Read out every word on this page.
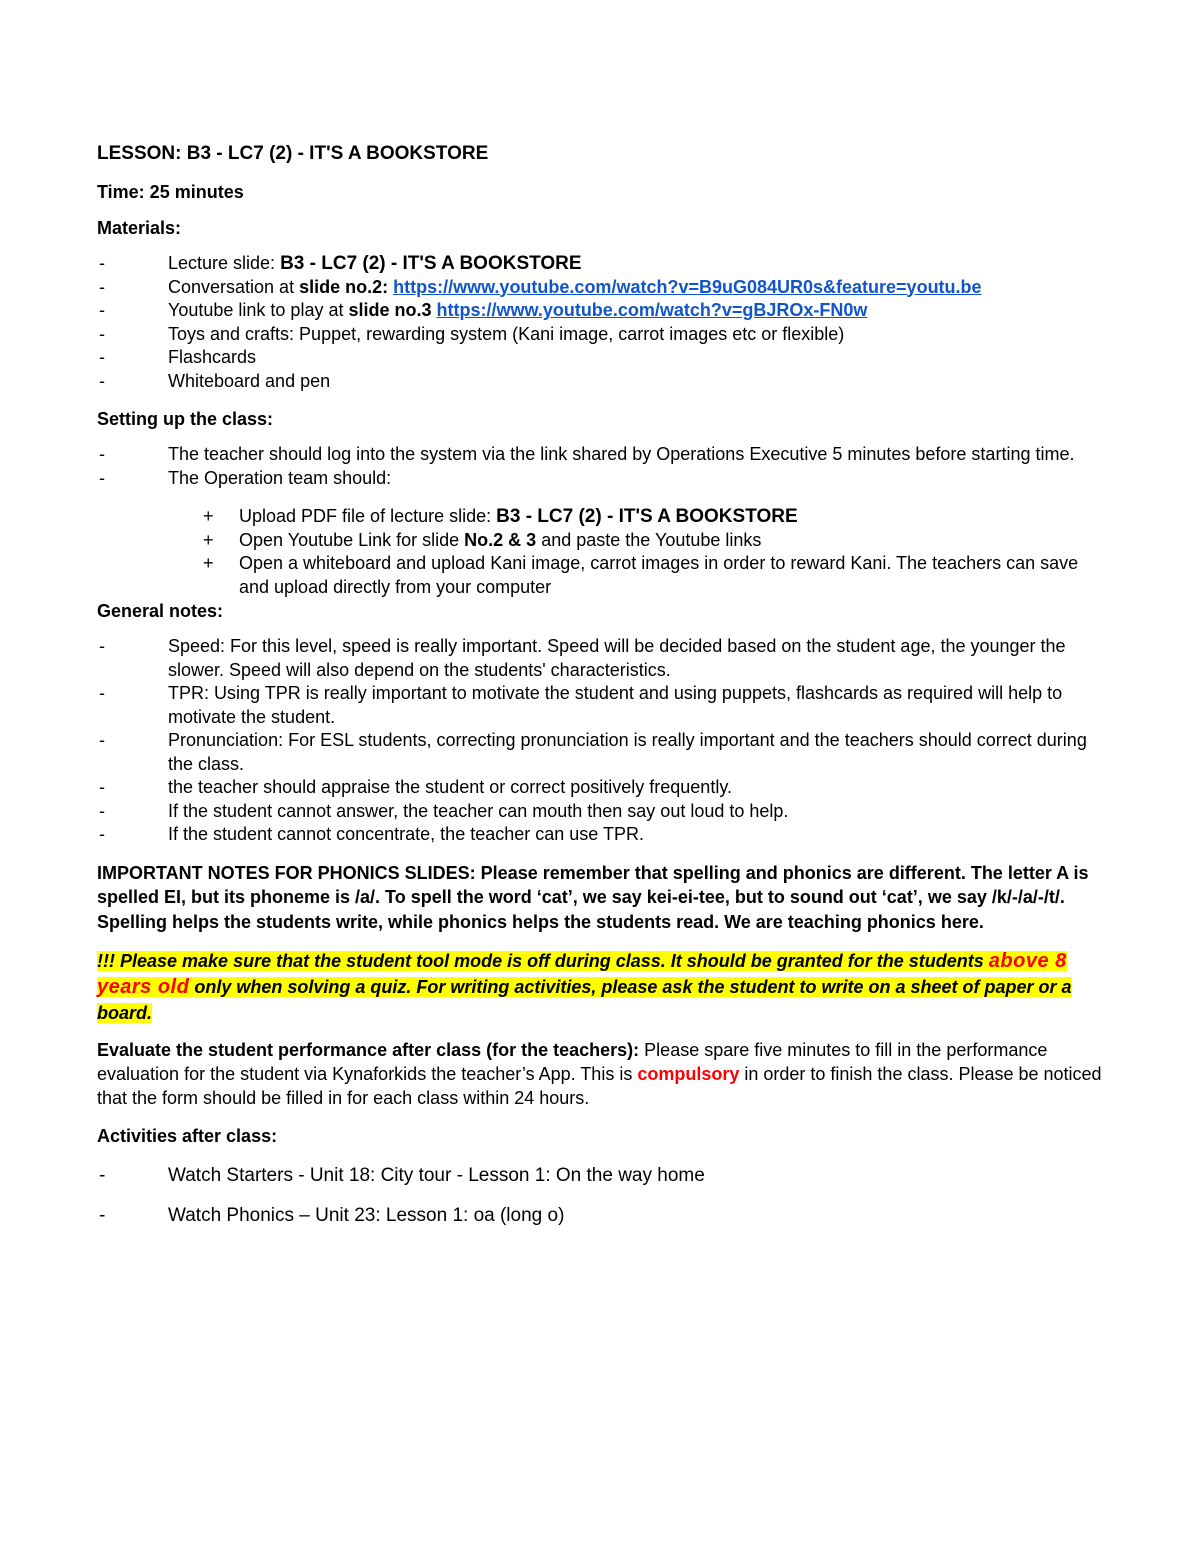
LESSON: B3 - LC7 (2) - IT'S A BOOKSTORE

Time: 25 minutes

Materials:

- Lecture slide: B3 - LC7 (2) - IT'S A BOOKSTORE
- Conversation at slide no.2: https://www.youtube.com/watch?v=B9uG084UR0s&feature=youtu.be
- Youtube link to play at slide no.3 https://www.youtube.com/watch?v=gBJROx-FN0w
- Toys and crafts: Puppet, rewarding system (Kani image, carrot images etc or flexible)
- Flashcards
- Whiteboard and pen

Setting up the class:

- The teacher should log into the system via the link shared by Operations Executive 5 minutes before starting time.
- The Operation team should:
+ Upload PDF file of lecture slide: B3 - LC7 (2) - IT'S A BOOKSTORE
+ Open Youtube Link for slide No.2 & 3 and paste the Youtube links
+ Open a whiteboard and upload Kani image, carrot images in order to reward Kani. The teachers can save and upload directly from your computer

General notes:

- Speed: For this level, speed is really important. Speed will be decided based on the student age, the younger the slower. Speed will also depend on the students' characteristics.
- TPR: Using TPR is really important to motivate the student and using puppets, flashcards as required will help to motivate the student.
- Pronunciation: For ESL students, correcting pronunciation is really important and the teachers should correct during the class.
- the teacher should appraise the student or correct positively frequently.
- If the student cannot answer, the teacher can mouth then say out loud to help.
- If the student cannot concentrate, the teacher can use TPR.

IMPORTANT NOTES FOR PHONICS SLIDES: Please remember that spelling and phonics are different. The letter A is spelled EI, but its phoneme is /a/. To spell the word ‘cat’, we say kei-ei-tee, but to sound out ‘cat’, we say /k/-/a/-/t/. Spelling helps the students write, while phonics helps the students read. We are teaching phonics here.

!!! Please make sure that the student tool mode is off during class. It should be granted for the students above 8 years old only when solving a quiz. For writing activities, please ask the student to write on a sheet of paper or a board.

Evaluate the student performance after class (for the teachers): Please spare five minutes to fill in the performance evaluation for the student via Kynaforkids the teacher’s App. This is compulsory in order to finish the class. Please be noticed that the form should be filled in for each class within 24 hours.

Activities after class:

- Watch Starters - Unit 18: City tour - Lesson 1: On the way home
- Watch Phonics – Unit 23: Lesson 1: oa (long o)
